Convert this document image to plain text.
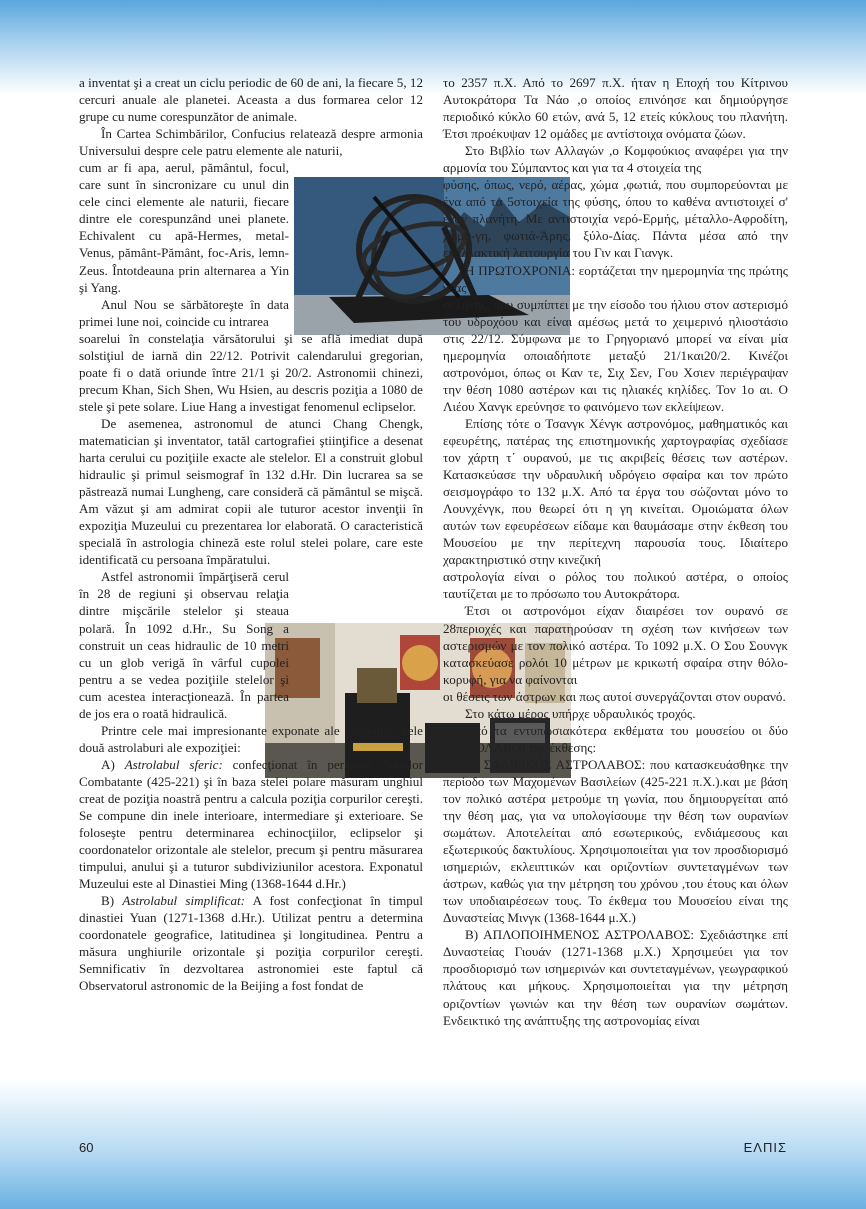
a inventat şi a creat un ciclu periodic de 60 de ani, la fiecare 5, 12 cercuri anuale ale planetei. Aceasta a dus formarea celor 12 grupe cu nume corespunzător de animale.

În Cartea Schimbărilor, Confucius relatează despre armonia Universului despre cele patru elemente ale naturii,

cum ar fi apa, aerul, pământul, focul, care sunt în sincronizare cu unul din cele cinci elemente ale naturii, fiecare dintre ele corespunzând unei planete. Echivalent cu apă-Hermes, metal-Venus, pământ-Pământ, foc-Aris, lemn-Zeus. Întotdeauna prin alternarea a Yin şi Yang.

Anul Nou se sărbătoreşte în data primei lune noi, coincide cu intrarea

soarelui în constelaţia vărsătorului şi se află imediat după solstiţiul de iarnă din 22/12. Potrivit calendarului gregorian, poate fi o dată oriunde între 21/1 şi 20/2. Astronomii chinezi, precum Khan, Sich Shen, Wu Hsien, au descris poziţia a 1080 de stele şi pete solare. Liue Hang a investigat fenomenul eclipselor.

De asemenea, astronomul de atunci Chang Chengk, matematician şi inventator, tatăl cartografiei ştiinţifice a desenat harta cerului cu poziţiile exacte ale stelelor. El a construit globul hidraulic şi primul seismograf în 132 d.Hr. Din lucrarea sa se păstrează numai Lungheng, care consideră că pământul se mişcă. Am văzut şi am admirat copii ale tuturor acestor invenţii în expoziţia Muzeului cu prezentarea lor elaborată. O caracteristică specială în astrologia chineză este rolul stelei polare, care este identificată cu persoana împăratului.

Astfel astronomii împărţiseră cerul în 28 de regiuni şi observau relaţia dintre mişcările stelelor şi steaua polară. În 1092 d.Hr., Su Song a construit un ceas hidraulic de 10 metri cu un glob verigă în vârful cupolei pentru a se vedea poziţiile stelelor şi cum acestea interacţionează. În partea de jos era o roată hidraulică.

Printre cele mai impresionante exponate ale muzeului, cele două astrolaburi ale expoziţiei:

A) Astrolabul sferic: confecţionat în perioada Statelor Combatante (425-221) şi în baza stelei polare măsuram unghiul creat de poziţia noastră pentru a calcula poziţia corpurilor cereşti. Se compune din inele interioare, intermediare şi exterioare. Se foloseşte pentru determinarea echinocţiilor, eclipselor şi coordonatelor orizontale ale stelelor, precum şi pentru măsurarea timpului, anului şi a tuturor subdiviziunilor acestora. Exponatul Muzeului este al Dinastiei Ming (1368-1644 d.Hr.)

B) Astrolabul simplificat: A fost confecţionat în timpul dinastiei Yuan (1271-1368 d.Hr.). Utilizat pentru a determina coordonatele geografice, latitudinea şi longitudinea. Pentru a măsura unghiurile orizontale şi poziţia corpurilor cereşti. Semnificativ în dezvoltarea astronomiei este faptul că Observatorul astronomic de la Beijing a fost fondat de

το 2357 π.Χ. Από το 2697 π.Χ. ήταν η Εποχή του Κίτρινου Αυτοκράτορα Τα Νάο ,ο οποίος επινόησε και δημιούργησε περιοδικό κύκλο 60 ετών, ανά 5, 12 ετείς κύκλους του πλανήτη. Έτσι προέκυψαν 12 ομάδες με αντίστοιχα ονόματα ζώων.

Στο Βιβλίο των Αλλαγών ,ο Κομφούκιος αναφέρει για την αρμονία του Σύμπαντος και για τα 4 στοιχεία της

φύσης, όπως, νερό, αέρας, χώμα ,φωτιά, που συμπορεύονται με ένα από τα 5στοιχεία της φύσης, όπου το καθένα αντιστοιχεί σ' έναν πλανήτη. Με αντιστοιχία νερό-Ερμής, μέταλλο-Αφροδίτη, χώμα-γη, φωτιά-Άρης, ξύλο-Δίας. Πάντα μέσα από την εναλλακτική λειτουργία του Γιν και Γιανγκ.

Η ΠΡΩΤΟΧΡΟΝΙΑ: εορτάζεται την ημερομηνία της πρώτης νέας

σελήνης, που συμπίπτει με την είσοδο του ήλιου στον αστερισμό του υδροχόου και είναι αμέσως μετά το χειμερινό ηλιοστάσιο στις 22/12. Σύμφωνα με το Γρηγοριανό μπορεί να είναι μία ημερομηνία οποιαδήποτε μεταξύ 21/1και20/2. Κινέζοι αστρονόμοι, όπως οι Καν τε, Σιχ Σεν, Γου Χσιεν περιέγραψαν την θέση 1080 αστέρων και τις ηλιακές κηλίδες. Τον 1ο αι. Ο Λιέου Χανγκ ερεύνησε το φαινόμενο των εκλείψεων.

Επίσης τότε ο Τσανγκ Χένγκ αστρονόμος, μαθηματικός και εφευρέτης, πατέρας της επιστημονικής χαρτογραφίας σχεδίασε τον χάρτη τ΄ ουρανού, με τις ακριβείς θέσεις των αστέρων. Κατασκεύασε την υδραυλική υδρόγειο σφαίρα και τον πρώτο σεισμογράφο το 132 μ.Χ. Από τα έργα του σώζονται μόνο το Λουνχένγκ, που θεωρεί ότι η γη κινείται. Ομοιώματα όλων αυτών των εφευρέσεων είδαμε και θαυμάσαμε στην έκθεση του Μουσείου με την περίτεχνη παρουσία τους. Ιδιαίτερο χαρακτηριστικό στην κινεζική

αστρολογία είναι ο ρόλος του πολικού αστέρα, ο οποίος ταυτίζεται με το πρόσωπο του Αυτοκράτορα.

Έτσι οι αστρονόμοι είχαν διαιρέσει τον ουρανό σε 28περιοχές και παρατηρούσαν τη σχέση των κινήσεων των αστερισμών με τον πολικό αστέρα. Το 1092 μ.Χ. Ο Σου Σουνγκ κατασκεύασε ρολόι 10 μέτρων με κρικωτή σφαίρα στην θόλο-κορυφή, για να φαίνονται

οι θέσεις των άστρων και πως αυτοί συνεργάζονται στον ουρανό.

Στο κάτω μέρος υπήρχε υδραυλικός τροχός.

Από τα εντυπωσιακότερα εκθέματα του μουσείου οι δύο ΑΣΤΡΟΛΑΒΟΙ της έκθεσης:

Α) ΣΦΑΙΡΙΚΟΣ ΑΣΤΡΟΛΑΒΟΣ: που κατασκευάσθηκε την περίοδο των Μαχομένων Βασιλείων (425-221 π.Χ.).και με βάση τον πολικό αστέρα μετρούμε τη γωνία, που δημιουργείται από την θέση μας, για να υπολογίσουμε την θέση των ουρανίων σωμάτων. Αποτελείται από εσωτερικούς, ενδιάμεσους και εξωτερικούς δακτυλίους. Χρησιμοποιείται για τον προσδιορισμό ισημεριών, εκλειπτικών και οριζοντίων συντεταγμένων των άστρων, καθώς για την μέτρηση του χρόνου ,του έτους και όλων των υποδιαιρέσεων τους. Το έκθεμα του Μουσείου είναι της Δυναστείας Μινγκ (1368-1644 μ.Χ.)

Β) ΑΠΛΟΠΟΙΗΜΕΝΟΣ ΑΣΤΡΟΛΑΒΟΣ: Σχεδιάστηκε επί Δυναστείας Γιουάν (1271-1368 μ.Χ.) Χρησιμεύει για τον προσδιορισμό των ισημερινών και συντεταγμένων, γεωγραφικού πλάτους και μήκους. Χρησιμοποιείται για την μέτρηση οριζοντίων γωνιών και την θέση των ουρανίων σωμάτων. Ενδεικτικό της ανάπτυξης της αστρονομίας είναι

60	ΕΛΠΙΣ
